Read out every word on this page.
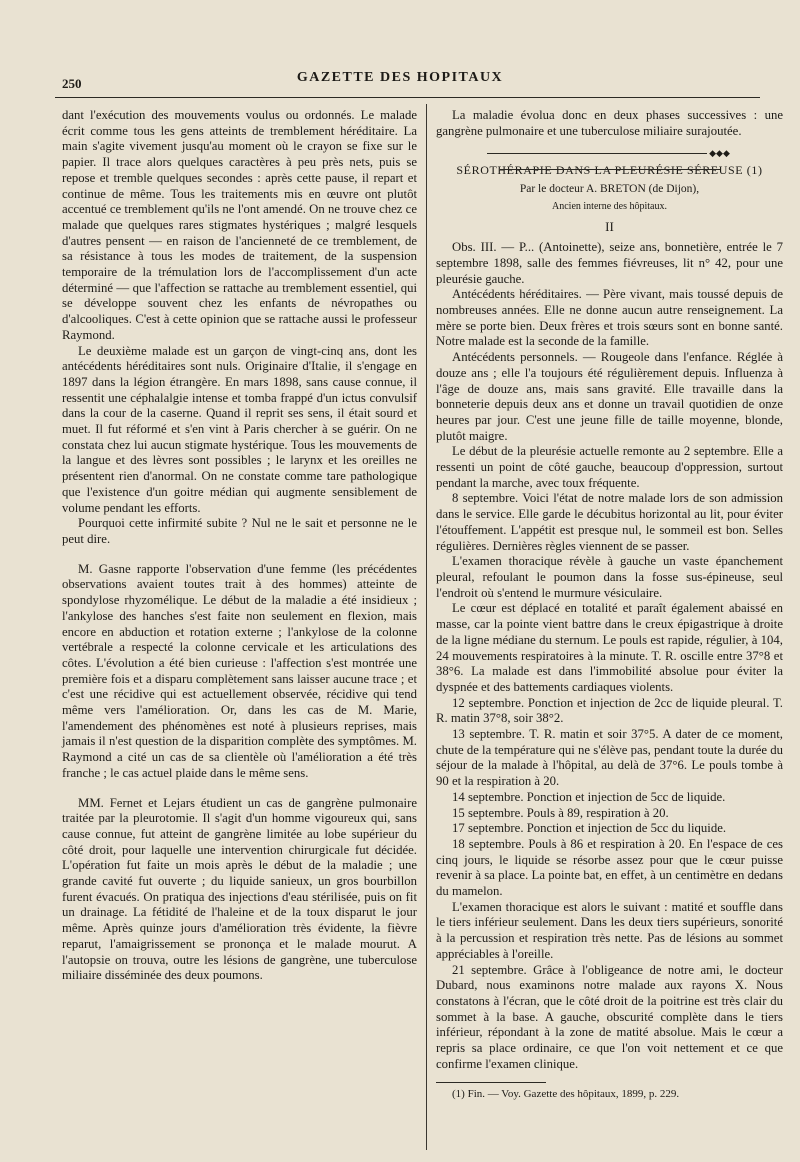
250	GAZETTE DES HOPITAUX

dant l'exécution des mouvements voulus ou ordonnés. Le malade écrit comme tous les gens atteints de tremblement héréditaire. La main s'agite vivement jusqu'au moment où le crayon se fixe sur le papier. Il trace alors quelques caractères à peu près nets, puis se repose et tremble quelques secondes : après cette pause, il repart et continue de même. Tous les traitements mis en œuvre ont plutôt accentué ce tremblement qu'ils ne l'ont amendé. On ne trouve chez ce malade que quelques rares stigmates hystériques ; malgré lesquels d'autres pensent — en raison de l'ancienneté de ce tremblement, de sa résistance à tous les modes de traitement, de la suspension temporaire de la trémulation lors de l'accomplissement d'un acte déterminé — que l'affection se rattache au tremblement essentiel, qui se développe souvent chez les enfants de névropathes ou d'alcooliques. C'est à cette opinion que se rattache aussi le professeur Raymond.

Le deuxième malade est un garçon de vingt-cinq ans, dont les antécédents héréditaires sont nuls. Originaire d'Italie, il s'engage en 1897 dans la légion étrangère. En mars 1898, sans cause connue, il ressentit une céphalalgie intense et tomba frappé d'un ictus convulsif dans la cour de la caserne. Quand il reprit ses sens, il était sourd et muet. Il fut réformé et s'en vint à Paris chercher à se guérir. On ne constata chez lui aucun stigmate hystérique. Tous les mouvements de la langue et des lèvres sont possibles ; le larynx et les oreilles ne présentent rien d'anormal. On ne constate comme tare pathologique que l'existence d'un goitre médian qui augmente sensiblement de volume pendant les efforts.

Pourquoi cette infirmité subite ? Nul ne le sait et personne ne le peut dire.

M. Gasne rapporte l'observation d'une femme (les précédentes observations avaient toutes trait à des hommes) atteinte de spondylose rhyzomélique. Le début de la maladie a été insidieux ; l'ankylose des hanches s'est faite non seulement en flexion, mais encore en abduction et rotation externe ; l'ankylose de la colonne vertébrale a respecté la colonne cervicale et les articulations des côtes. L'évolution a été bien curieuse : l'affection s'est montrée une première fois et a disparu complètement sans laisser aucune trace ; et c'est une récidive qui est actuellement observée, récidive qui tend même vers l'amélioration. Or, dans les cas de M. Marie, l'amendement des phénomènes est noté à plusieurs reprises, mais jamais il n'est question de la disparition complète des symptômes. M. Raymond a cité un cas de sa clientèle où l'amélioration a été très franche ; le cas actuel plaide dans le même sens.

MM. Fernet et Lejars étudient un cas de gangrène pulmonaire traitée par la pleurotomie. Il s'agit d'un homme vigoureux qui, sans cause connue, fut atteint de gangrène limitée au lobe supérieur du côté droit, pour laquelle une intervention chirurgicale fut décidée. L'opération fut faite un mois après le début de la maladie ; une grande cavité fut ouverte ; du liquide sanieux, un gros bourbillon furent évacués. On pratiqua des injections d'eau stérilisée, puis on fit un drainage. La fétidité de l'haleine et de la toux disparut le jour même. Après quinze jours d'amélioration très évidente, la fièvre reparut, l'amaigrissement se prononça et le malade mourut. A l'autopsie on trouva, outre les lésions de gangrène, une tuberculose miliaire disséminée des deux poumons.

La maladie évolua donc en deux phases successives : une gangrène pulmonaire et une tuberculose miliaire surajoutée.

◆◆◆
SÉROTHÉRAPIE DANS LA PLEURÉSIE SÉREUSE (1)
Par le docteur A. BRETON (de Dijon),
Ancien interne des hôpitaux.
II

Obs. III. — P... (Antoinette), seize ans, bonnetière, entrée le 7 septembre 1898, salle des femmes fiévreuses, lit n° 42, pour une pleurésie gauche.

Antécédents héréditaires. — Père vivant, mais toussé depuis de nombreuses années. Elle ne donne aucun autre renseignement. La mère se porte bien. Deux frères et trois sœurs sont en bonne santé. Notre malade est la seconde de la famille.

Antécédents personnels. — Rougeole dans l'enfance. Réglée à douze ans ; elle l'a toujours été régulièrement depuis. Influenza à l'âge de douze ans, mais sans gravité. Elle travaille dans la bonneterie depuis deux ans et donne un travail quotidien de onze heures par jour. C'est une jeune fille de taille moyenne, blonde, plutôt maigre.

Le début de la pleurésie actuelle remonte au 2 septembre. Elle a ressenti un point de côté gauche, beaucoup d'oppression, surtout pendant la marche, avec toux fréquente.

8 septembre. Voici l'état de notre malade lors de son admission dans le service. Elle garde le décubitus horizontal au lit, pour éviter l'étouffement. L'appétit est presque nul, le sommeil est bon. Selles régulières. Dernières règles viennent de se passer.

L'examen thoracique révèle à gauche un vaste épanchement pleural, refoulant le poumon dans la fosse sus-épineuse, seul l'endroit où s'entend le murmure vésiculaire.

Le cœur est déplacé en totalité et paraît également abaissé en masse, car la pointe vient battre dans le creux épigastrique à droite de la ligne médiane du sternum. Le pouls est rapide, régulier, à 104, 24 mouvements respiratoires à la minute. T. R. oscille entre 37°8 et 38°6. La malade est dans l'immobilité absolue pour éviter la dyspnée et des battements cardiaques violents.

12 septembre. Ponction et injection de 2cc de liquide pleural. T. R. matin 37°8, soir 38°2.

13 septembre. T. R. matin et soir 37°5. A dater de ce moment, chute de la température qui ne s'élève pas, pendant toute la durée du séjour de la malade à l'hôpital, au delà de 37°6. Le pouls tombe à 90 et la respiration à 20.

14 septembre. Ponction et injection de 5cc de liquide.

15 septembre. Pouls à 89, respiration à 20.

17 septembre. Ponction et injection de 5cc du liquide.

18 septembre. Pouls à 86 et respiration à 20. En l'espace de ces cinq jours, le liquide se résorbe assez pour que le cœur puisse revenir à sa place. La pointe bat, en effet, à un centimètre en dedans du mamelon.

L'examen thoracique est alors le suivant : matité et souffle dans le tiers inférieur seulement. Dans les deux tiers supérieurs, sonorité à la percussion et respiration très nette. Pas de lésions au sommet appréciables à l'oreille.

21 septembre. Grâce à l'obligeance de notre ami, le docteur Dubard, nous examinons notre malade aux rayons X. Nous constatons à l'écran, que le côté droit de la poitrine est très clair du sommet à la base. A gauche, obscurité complète dans le tiers inférieur, répondant à la zone de matité absolue. Mais le cœur a repris sa place ordinaire, ce que l'on voit nettement et ce que confirme l'examen clinique.

(1) Fin. — Voy. Gazette des hôpitaux, 1899, p. 229.
